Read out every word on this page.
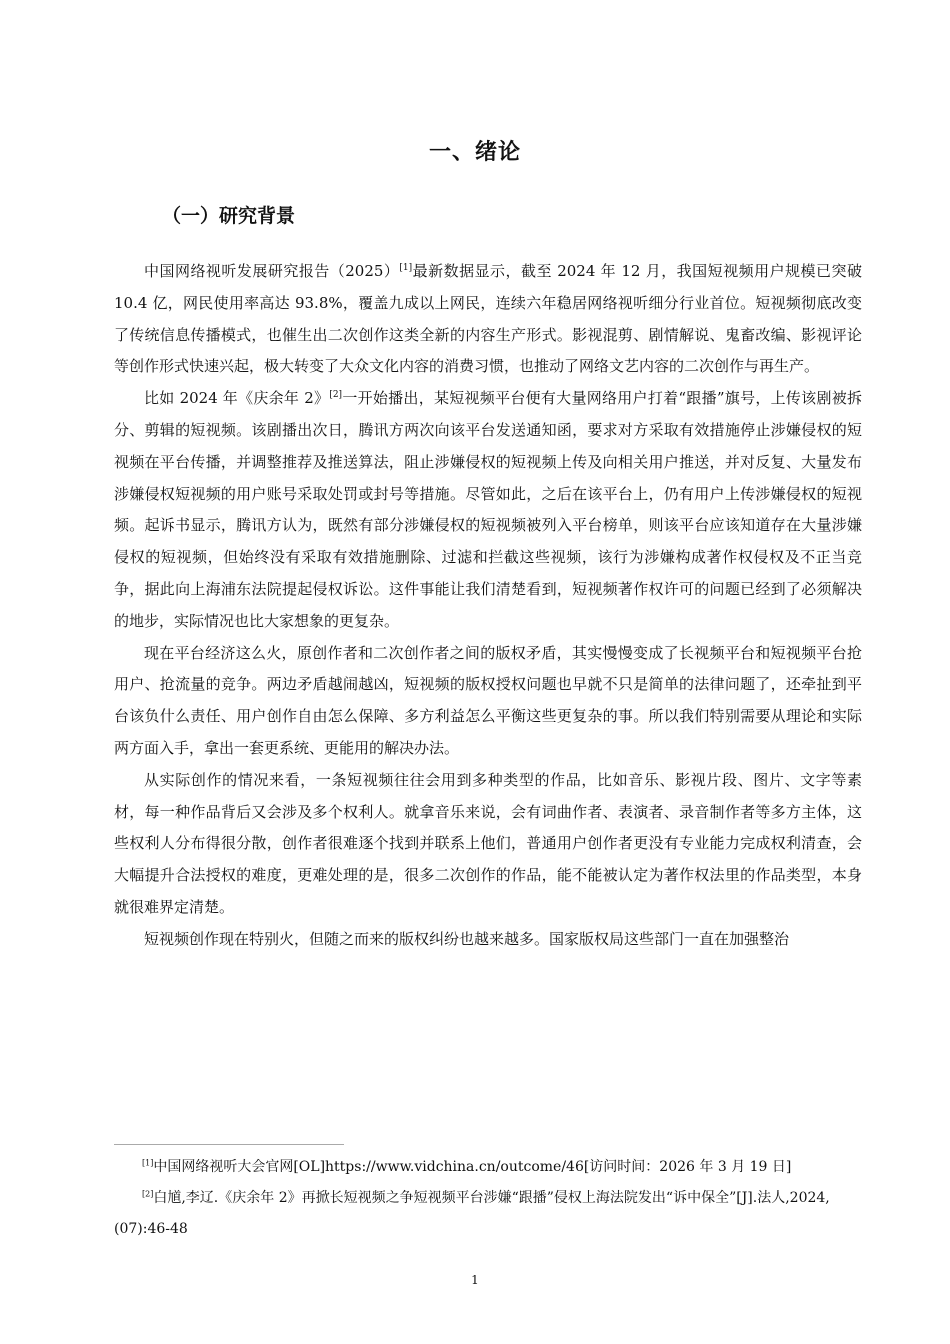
一、绪论
（一）研究背景

中国网络视听发展研究报告（2025）[1]最新数据显示，截至 2024 年 12 月，我国短视频用户规模已突破 10.4 亿，网民使用率高达 93.8%，覆盖九成以上网民，连续六年稳居网络视听细分行业首位。短视频彻底改变了传统信息传播模式，也催生出二次创作这类全新的内容生产形式。影视混剪、剧情解说、鬼畜改编、影视评论等创作形式快速兴起，极大转变了大众文化内容的消费习惯，也推动了网络文艺内容的二次创作与再生产。

比如 2024 年《庆余年 2》[2]一开始播出，某短视频平台便有大量网络用户打着“跟播”旗号，上传该剧被拆分、剪辑的短视频。该剧播出次日，腾讯方两次向该平台发送通知函，要求对方采取有效措施停止涉嫌侵权的短视频在平台传播，并调整推荐及推送算法，阻止涉嫌侵权的短视频上传及向相关用户推送，并对反复、大量发布涉嫌侵权短视频的用户账号采取处罚或封号等措施。尽管如此，之后在该平台上，仍有用户上传涉嫌侵权的短视频。起诉书显示，腾讯方认为，既然有部分涉嫌侵权的短视频被列入平台榜单，则该平台应该知道存在大量涉嫌侵权的短视频，但始终没有采取有效措施删除、过滤和拦截这些视频，该行为涉嫌构成著作权侵权及不正当竞争，据此向上海浦东法院提起侵权诉讼。这件事能让我们清楚看到，短视频著作权许可的问题已经到了必须解决的地步，实际情况也比大家想象的更复杂。

现在平台经济这么火，原创作者和二次创作者之间的版权矛盾，其实慢慢变成了长视频平台和短视频平台抢用户、抢流量的竞争。两边矛盾越闹越凶，短视频的版权授权问题也早就不只是简单的法律问题了，还牵扯到平台该负什么责任、用户创作自由怎么保障、多方利益怎么平衡这些更复杂的事。所以我们特别需要从理论和实际两方面入手，拿出一套更系统、更能用的解决办法。

从实际创作的情况来看，一条短视频往往会用到多种类型的作品，比如音乐、影视片段、图片、文字等素材，每一种作品背后又会涉及多个权利人。就拿音乐来说，会有词曲作者、表演者、录音制作者等多方主体，这些权利人分布得很分散，创作者很难逐个找到并联系上他们，普通用户创作者更没有专业能力完成权利清查，会大幅提升合法授权的难度，更难处理的是，很多二次创作的作品，能不能被认定为著作权法里的作品类型，本身就很难界定清楚。

短视频创作现在特别火，但随之而来的版权纠纷也越来越多。国家版权局这些部门一直在加强整治

[1]中国网络视听大会官网[OL]https://www.vidchina.cn/outcome/46[访问时间：2026 年 3 月 19 日]

[2]白馗,李辽.《庆余年 2》再掀长短视频之争短视频平台涉嫌“跟播”侵权上海法院发出“诉中保全”[J].法人,2024,(07):46-48

1
